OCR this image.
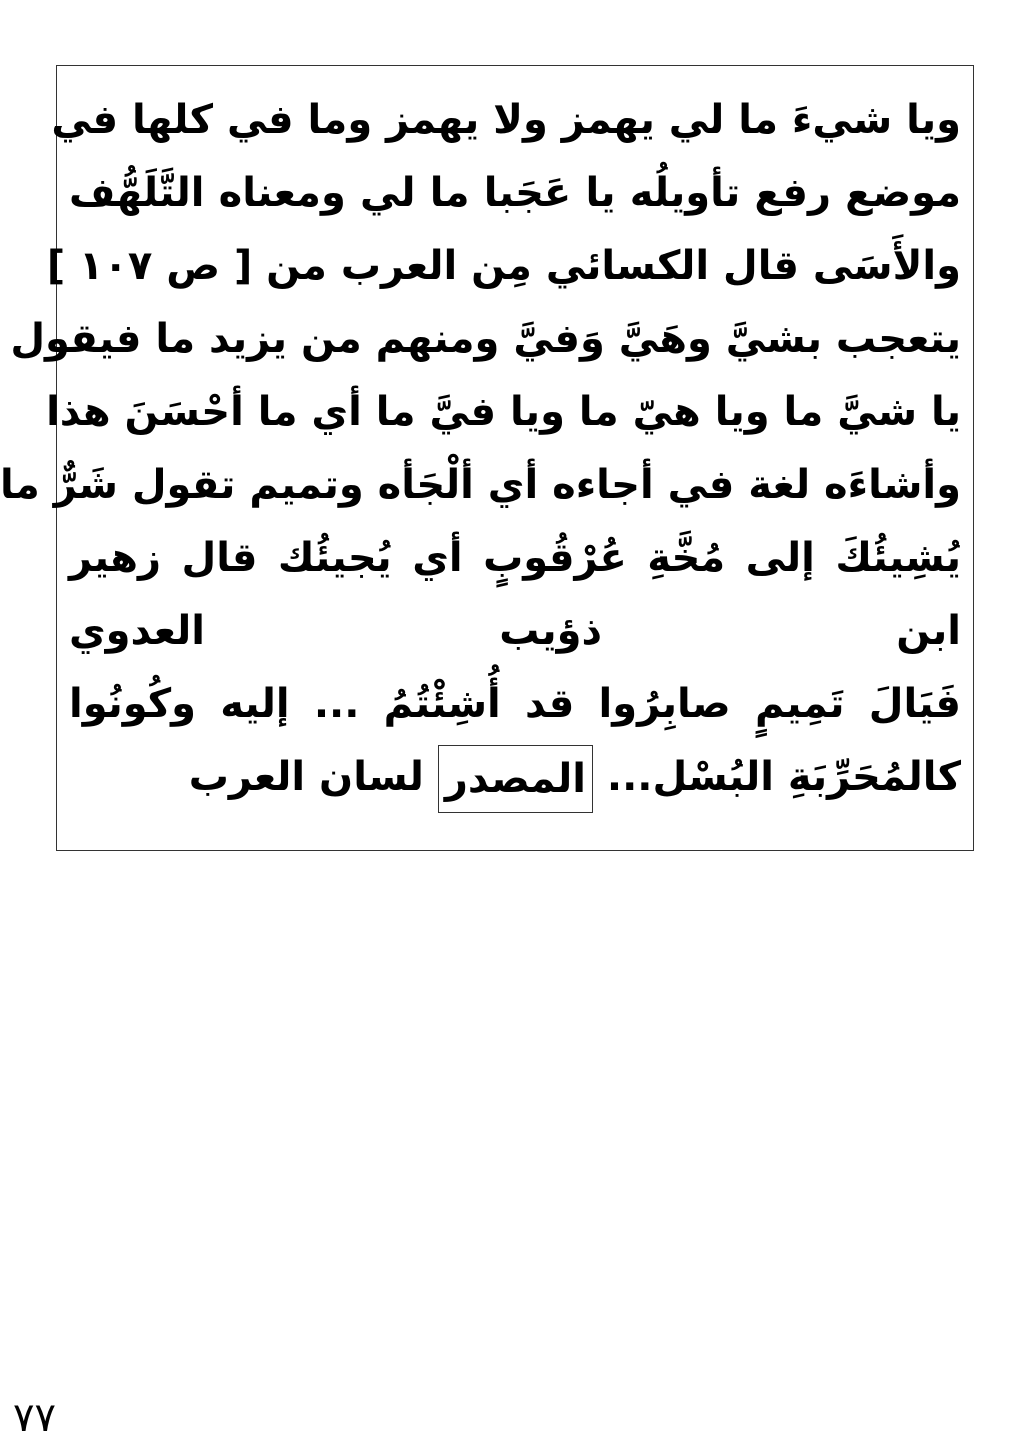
ويا شيءَ ما لي يهمز ولا يهمز وما في كلها في
موضع رفع تأويلُه يا عَجَبا ما لي ومعناه التَّلَهُّف
والأَسَى قال الكسائي مِن العرب من [ ص ١٠٧ ]
يتعجب بشيَّ وهَيَّ وَفيَّ ومنهم من يزيد ما فيقول
يا شيَّ ما ويا هيّ ما ويا فيَّ ما أي ما أحْسَنَ هذا
وأشاءَه لغة في أجاءه أي ألْجَأه وتميم تقول شَرٌّ ما
يُشِيئُكَ إلى مُخَّةِ عُرْقُوبٍ أي يُجيئُك قال زهير
ابن ذؤيب العدوي
فَيَالَ تَمِيمٍ صابِرُوا قد أُشِئْتُمُ ... إليه وكُونُوا
كالمُحَرِّبَةِ البُسْل... المصدر لسان العرب
٧٧
